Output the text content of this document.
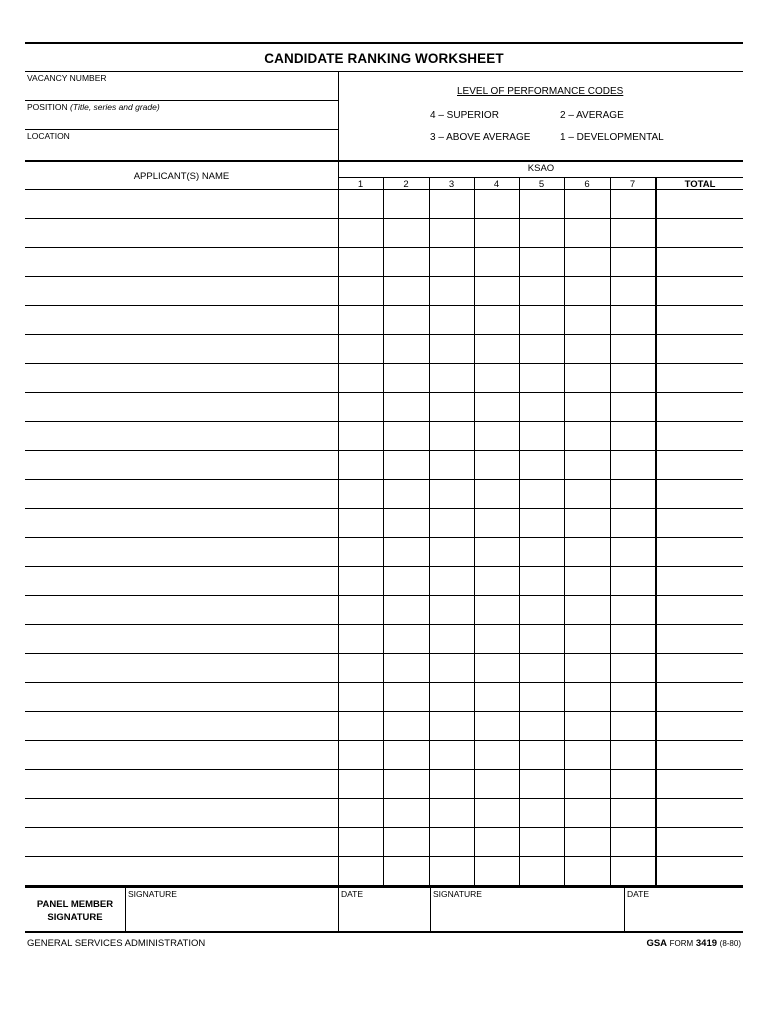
CANDIDATE RANKING WORKSHEET
VACANCY NUMBER
POSITION (Title, series and grade)
LOCATION
LEVEL OF PERFORMANCE CODES
4 – SUPERIOR	2 – AVERAGE
3 – ABOVE AVERAGE	1 – DEVELOPMENTAL
APPLICANT(S) NAME
KSAO
1	2	3	4	5	6	7	TOTAL
PANEL MEMBER
SIGNATURE
SIGNATURE	DATE	SIGNATURE	DATE
GENERAL SERVICES ADMINISTRATION	GSA FORM 3419 (8-80)
